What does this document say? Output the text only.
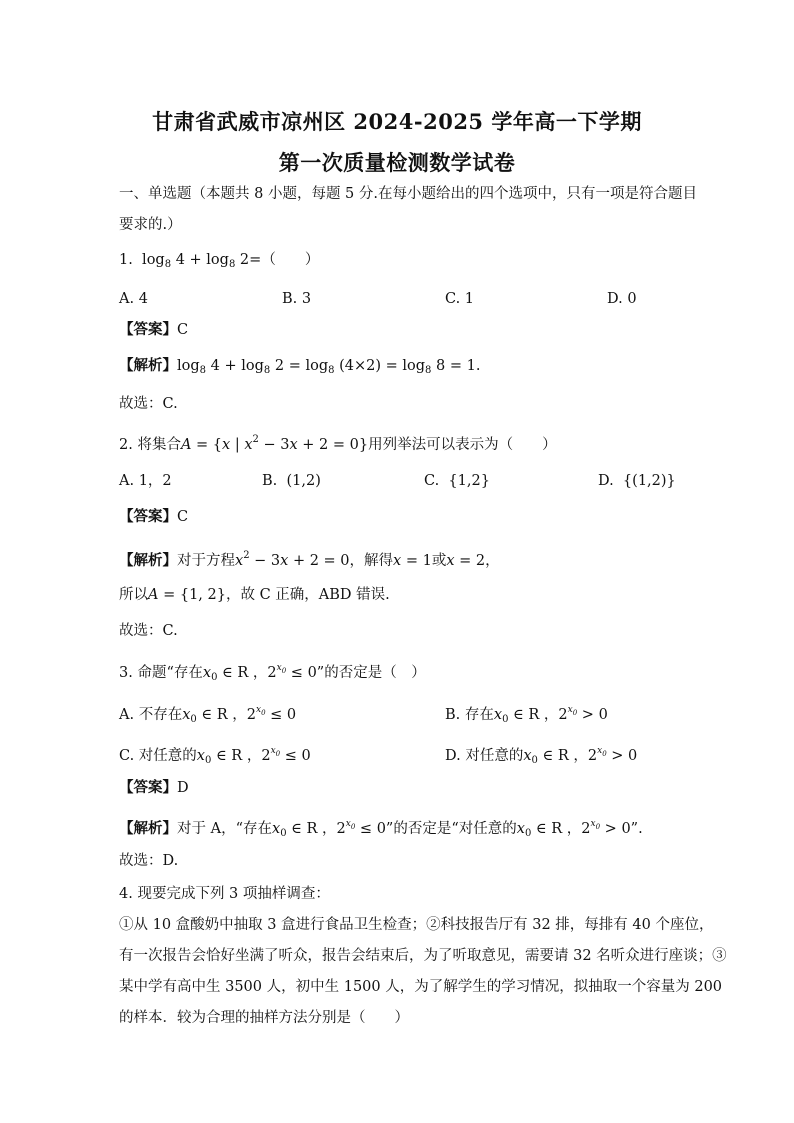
甘肃省武威市凉州区 2024-2025 学年高一下学期
第一次质量检测数学试卷
一、单选题（本题共 8 小题，每题 5 分.在每小题给出的四个选项中，只有一项是符合题目
要求的.）
1.  $\log_8 4 + \log_8 2=$（　　）
A. 4	B. 3	C. 1	D. 0
【答案】C
【解析】$\log_8 4 + \log_8 2 = \log_8 (4\times 2) = \log_8 8 = 1$.
故选：C.
2. 将集合A = {x | $x^2 - 3x + 2 = 0$}用列举法可以表示为（　　）
A. 1，2	B.  (1,2)	C.  {1,2}	D.  {(1,2)}
【答案】C
【解析】对于方程$x^2 - 3x + 2 = 0$，解得x = 1或x = 2，
所以A = {1, 2}，故 C 正确，ABD 错误.
故选：C.
3. 命题“存在$x_0$ ∈ R ，$2^{x_0} \le 0$”的否定是（　）
A. 不存在$x_0$ ∈ R ，$2^{x_0} \le 0$	B. 存在$x_0$ ∈ R ，$2^{x_0} > 0$
C. 对任意的$x_0$ ∈ R ，$2^{x_0} \le 0$	D. 对任意的$x_0$ ∈ R ，$2^{x_0} > 0$
【答案】D
【解析】对于 A，“存在$x_0$ ∈ R ，$2^{x_0} \le 0$”的否定是“对任意的$x_0$ ∈ R ，$2^{x_0} > 0$”.
故选：D.
4. 现要完成下列 3 项抽样调查：
①从 10 盒酸奶中抽取 3 盒进行食品卫生检查；②科技报告厅有 32 排，每排有 40 个座位，
有一次报告会恰好坐满了听众，报告会结束后，为了听取意见，需要请 32 名听众进行座谈；③
某中学有高中生 3500 人，初中生 1500 人，为了解学生的学习情况，拟抽取一个容量为 200
的样本．较为合理的抽样方法分别是（　　）
